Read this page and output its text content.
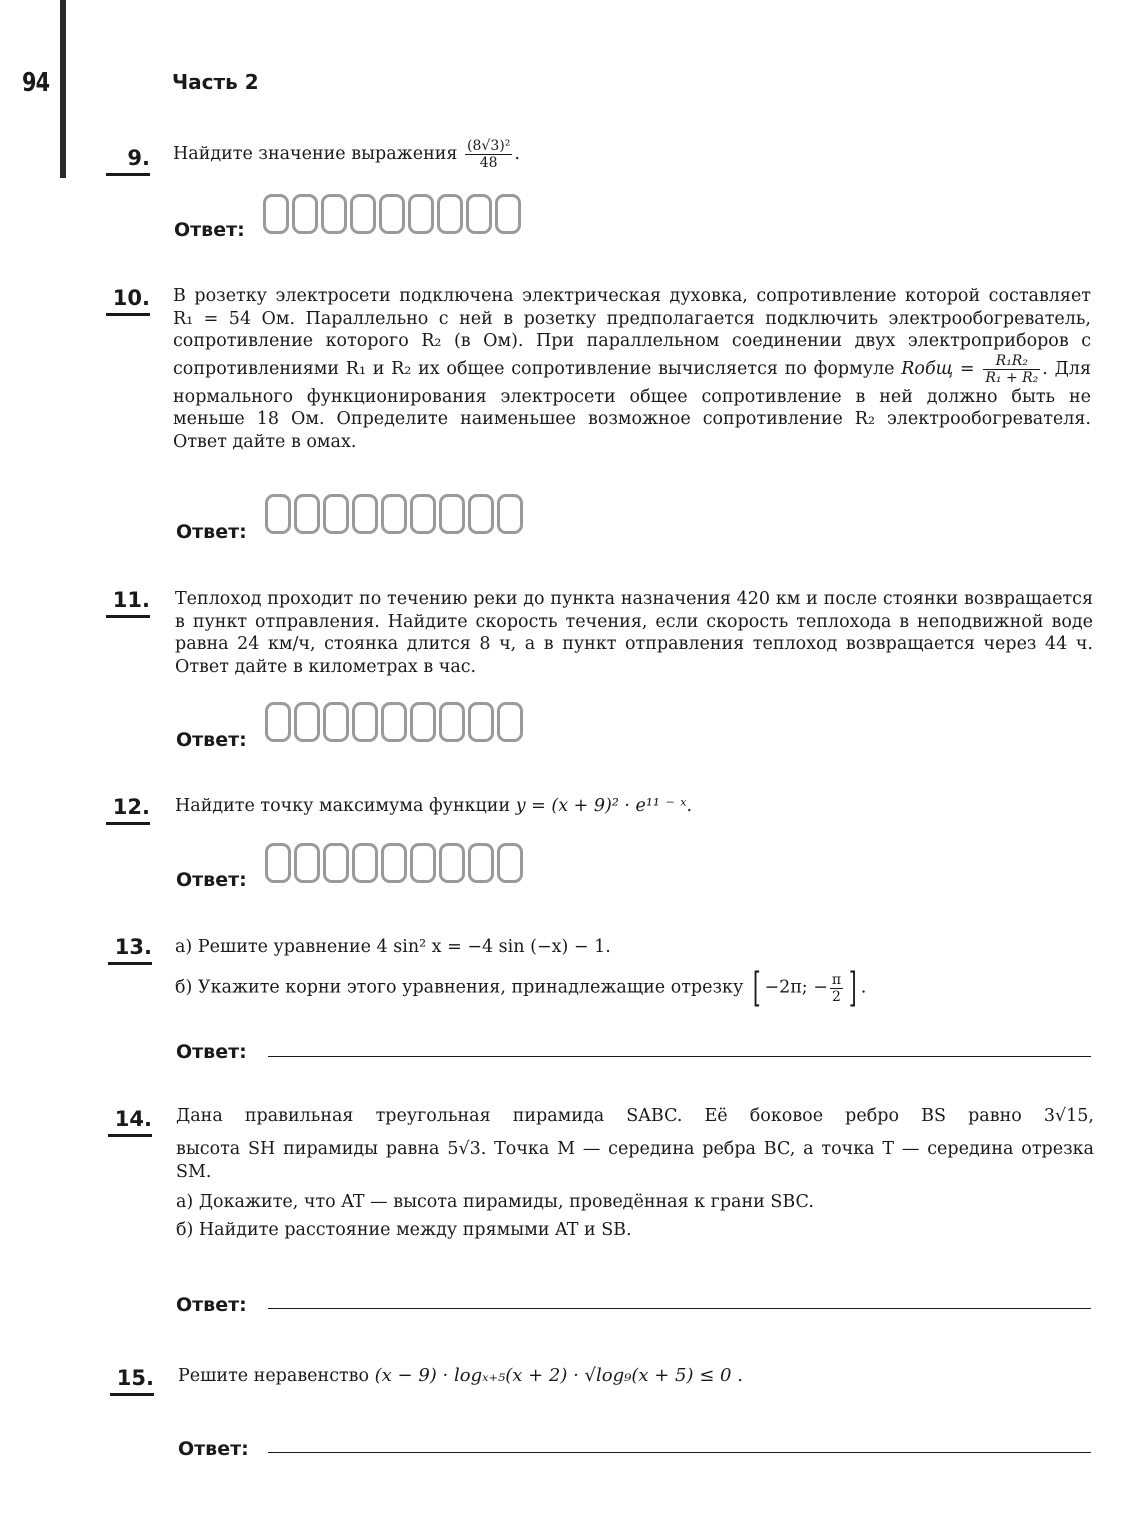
94	Часть 2
9. Найдите значение выражения $\frac{\text{(8√3)²}}{48}$ .
Ответ:
10. В розетку электросети подключена электрическая духовка, сопротивление которой составляет R₁ = 54 Ом. Параллельно с ней в розетку предполагается подключить электрообогреватель, сопротивление которого R₂ (в Ом). При параллельном соединении двух электроприборов с сопротивлениями R₁ и R₂ их общее сопротивление вычисляется по формуле Rобщ = $\frac{\text{R₁R₂}}{\text{R₁ + R₂}}$ . Для нормального функционирования электросети общее сопротивление в ней должно быть не меньше 18 Ом. Определите наименьшее возможное сопротивление R₂ электрообогревателя. Ответ дайте в омах.
Ответ:
11. Теплоход проходит по течению реки до пункта назначения 420 км и после стоянки возвращается в пункт отправления. Найдите скорость течения, если скорость теплохода в неподвижной воде равна 24 км/ч, стоянка длится 8 ч, а в пункт отправления теплоход возвращается через 44 ч. Ответ дайте в километрах в час.
Ответ:
12. Найдите точку максимума функции y = (x + 9)² · e¹¹ ⁻ ˣ.
Ответ:
13. а) Решите уравнение 4 sin² x = −4 sin (−x) − 1.
б) Укажите корни этого уравнения, принадлежащие отрезку [ −2π; − $\frac{\pi}{2}$ ] .
Ответ:
14. Дана правильная треугольная пирамида SABC. Её боковое ребро BS равно 3√15,
высота SH пирамиды равна 5√3. Точка M — середина ребра BC, а точка T — середина отрезка SM.
а) Докажите, что AT — высота пирамиды, проведённая к грани SBC.
б) Найдите расстояние между прямыми AT и SB.
Ответ:
15. Решите неравенство (x − 9) · logₓ₊₅(x + 2) · √log₉(x + 5) ≤ 0 .
Ответ:
